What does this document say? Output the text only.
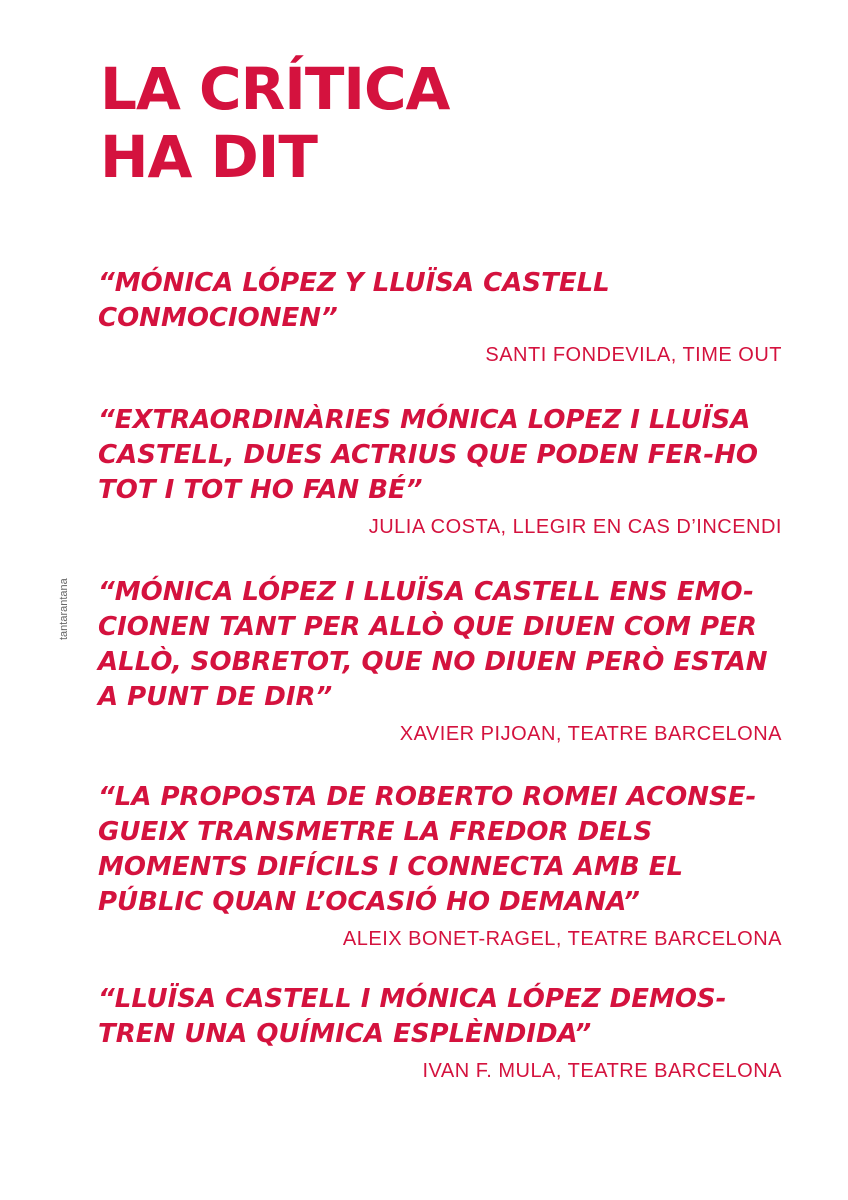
LA CRÍTICA
HA DIT
tantarantana

“MÓNICA LÓPEZ Y LLUÏSA CASTELL
CONMOCIONEN”

SANTI FONDEVILA, TIME OUT

“EXTRAORDINÀRIES MÓNICA LOPEZ I LLUÏSA
CASTELL, DUES ACTRIUS QUE PODEN FER-HO
TOT I TOT HO FAN BÉ”

JULIA COSTA, LLEGIR EN CAS D’INCENDI

“MÓNICA LÓPEZ I LLUÏSA CASTELL ENS EMO-
CIONEN TANT PER ALLÒ QUE DIUEN COM PER
ALLÒ, SOBRETOT, QUE NO DIUEN PERÒ ESTAN
A PUNT DE DIR”

XAVIER PIJOAN, TEATRE BARCELONA

“LA PROPOSTA DE ROBERTO ROMEI ACONSE-
GUEIX TRANSMETRE LA FREDOR DELS
MOMENTS DIFÍCILS I CONNECTA AMB EL
PÚBLIC QUAN L’OCASIÓ HO DEMANA”

ALEIX BONET-RAGEL, TEATRE BARCELONA

“LLUÏSA CASTELL I MÓNICA LÓPEZ DEMOS-
TREN UNA QUÍMICA ESPLÈNDIDA”

IVAN F. MULA, TEATRE BARCELONA
